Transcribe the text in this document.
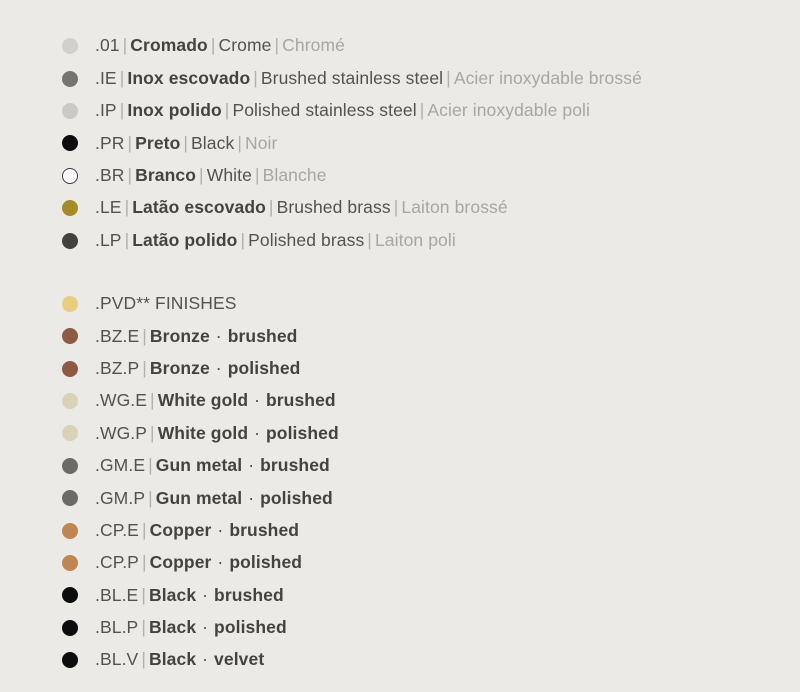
.01 | Cromado | Crome | Chromé
.IE | Inox escovado | Brushed stainless steel | Acier inoxydable brossé
.IP | Inox polido | Polished stainless steel | Acier inoxydable poli
.PR | Preto | Black | Noir
.BR | Branco | White | Blanche
.LE | Latão escovado | Brushed brass | Laiton brossé
.LP | Latão polido | Polished brass | Laiton poli
.PVD** FINISHES
.BZ.E | Bronze · brushed
.BZ.P | Bronze · polished
.WG.E | White gold · brushed
.WG.P | White gold · polished
.GM.E | Gun metal · brushed
.GM.P | Gun metal · polished
.CP.E | Copper · brushed
.CP.P | Copper · polished
.BL.E | Black · brushed
.BL.P | Black · polished
.BL.V | Black · velvet
